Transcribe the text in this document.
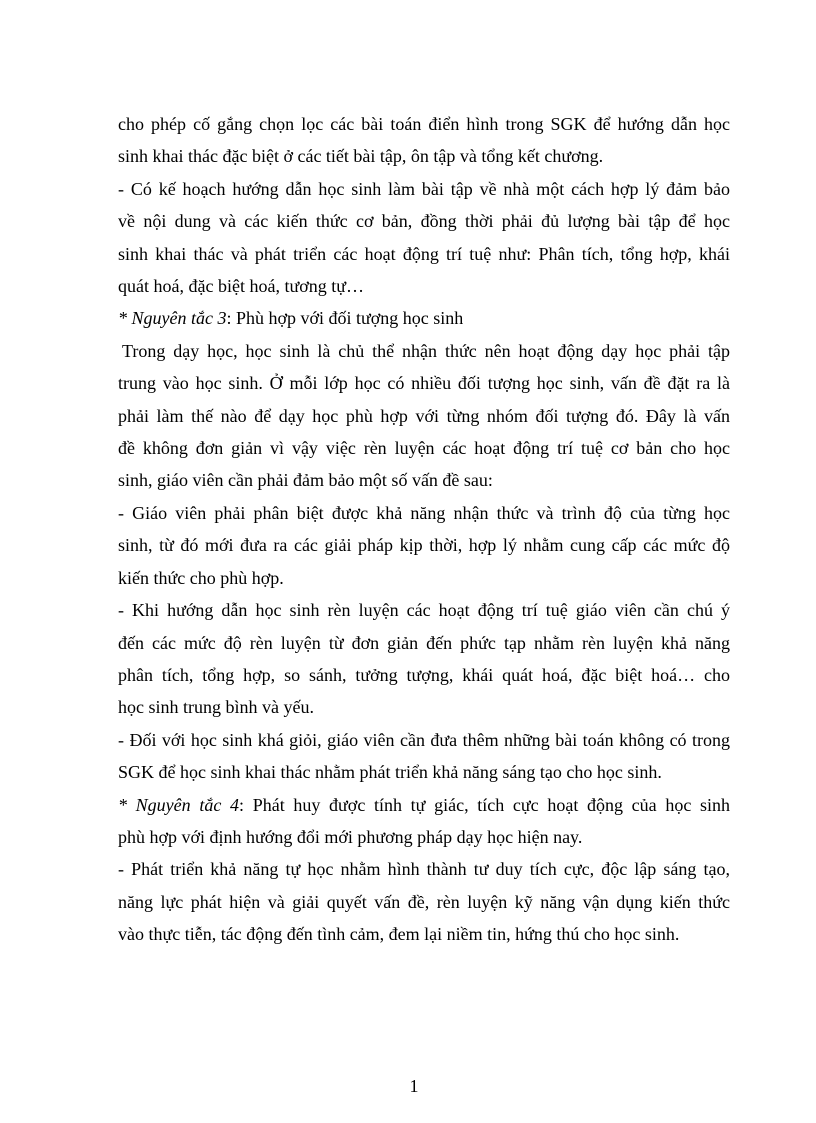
cho phép cố gắng chọn lọc các bài toán điển hình trong SGK để hướng dẫn học
sinh khai thác đặc biệt ở các tiết bài tập, ôn tập và tổng kết chương.
- Có kế hoạch hướng dẫn học sinh làm bài tập về nhà một cách hợp lý đảm bảo
về nội dung và các kiến thức cơ bản, đồng thời phải đủ lượng bài tập để học
sinh khai thác và phát triển các hoạt động trí tuệ như: Phân tích, tổng hợp, khái
quát hoá, đặc biệt hoá, tương tự…
* Nguyên tắc 3: Phù hợp với đối tượng học sinh
Trong dạy học, học sinh là chủ thể nhận thức nên hoạt động dạy học phải tập
trung vào học sinh. Ở mỗi lớp học có nhiều đối tượng học sinh, vấn đề đặt ra là
phải làm thế nào để dạy học phù hợp với từng nhóm đối tượng đó. Đây là vấn
đề không đơn giản vì vậy việc rèn luyện các hoạt động trí tuệ cơ bản cho học
sinh, giáo viên cần phải đảm bảo một số vấn đề sau:
- Giáo viên phải phân biệt được khả năng nhận thức và trình độ của từng học
sinh, từ đó mới đưa ra các giải pháp kịp thời, hợp lý nhằm cung cấp các mức độ
kiến thức cho phù hợp.
- Khi hướng dẫn học sinh rèn luyện các hoạt động trí tuệ giáo viên cần chú ý
đến các mức độ rèn luyện từ đơn giản đến phức tạp nhằm rèn luyện khả năng
phân tích, tổng hợp, so sánh, tưởng tượng, khái quát hoá, đặc biệt hoá… cho
học sinh trung bình và yếu.
- Đối với học sinh khá giỏi, giáo viên cần đưa thêm những bài toán không có trong
SGK để học sinh khai thác nhằm phát triển khả năng sáng tạo cho học sinh.
* Nguyên tắc 4: Phát huy được tính tự giác, tích cực hoạt động của học sinh
phù hợp với định hướng đổi mới phương pháp dạy học hiện nay.
- Phát triển khả năng tự học nhằm hình thành tư duy tích cực, độc lập sáng tạo,
năng lực phát hiện và giải quyết vấn đề, rèn luyện kỹ năng vận dụng kiến thức
vào thực tiễn, tác động đến tình cảm, đem lại niềm tin, hứng thú cho học sinh.
1
